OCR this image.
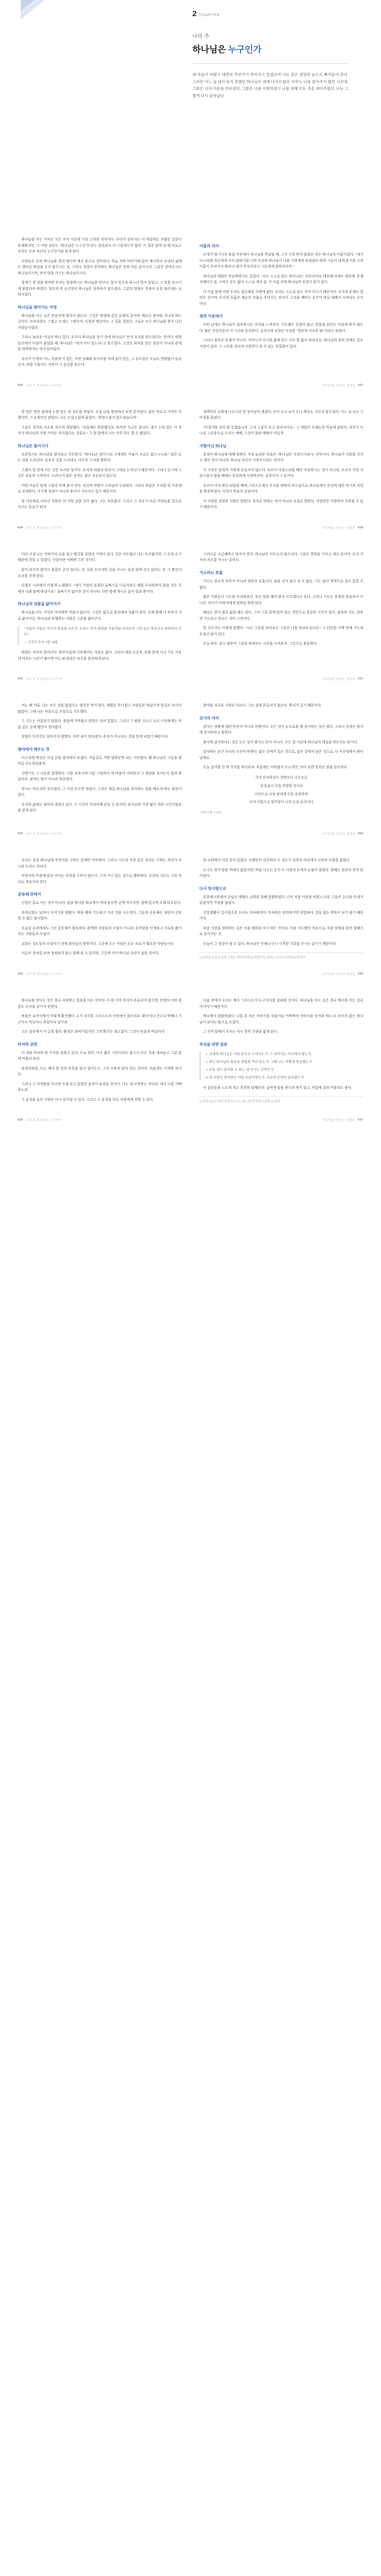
2 CHAPTER
나의 주
하나님은 누구인가
내 마음이 아팠고 내면의 무언가가 죽어가고 있었으며 나는 깊은 절망의 늪으로 빠져들어 갔다. 그러던 어느 날 내가 알지 못했던 하나님이 내게 다가오셨다. 아무도 나를 알아주지 않던 시간에, 그분은 나의 이름을 부르셨다. 그분은 나를 사랑하셨고 나를 위해 모든 것을 내어주셨다. 나는 그렇게 다시 살아났다.

하나님을 아는 지식은 모든 지식 가운데 가장 고귀한 지식이다. 우리가 살아가는 이 세상에는 수많은 질문이 존재하지만, 그 어떤 질문도 "하나님은 누구신가"라는 질문보다 더 근본적이지 않다. 이 질문 앞에 설 때 비로소 우리는 우리 자신이 누구인지를 알게 된다.

사람들은 흔히 하나님을 멀리 떨어져 계신 분으로 생각한다. 하늘 저편 어딘가에 앉아 계시면서 우리의 삶에는 별다른 관심을 두지 않으시는 분. 그러나 성경이 증언하는 하나님은 전혀 다른 분이시다. 그분은 찾아오시는 하나님이시며, 먼저 말을 거시는 하나님이시다.

창세기 첫 장을 펼치면 우리는 말씀하시는 하나님을 만난다. 빛이 있으라 하시니 빛이 있었고, 그 빛을 보시기에 좋았더라 하셨다. 창조의 첫 순간부터 하나님은 침묵하지 않으셨다. 그분의 말씀은 무에서 유를 불러내는 능력이었다.

하나님을 찾아가는 여정

하나님을 아는 길은 한순간에 열리지 않는다. 그것은 평생에 걸친 순례의 길이며, 때로는 광야를 지나야 하는 길이다. 아브라함도 그랬고 모세도 그랬으며, 다윗과 엘리야도 그 길을 걸었다. 그들은 모두 하나님을 찾아 나선 사람들이었다.

그러나 놀라운 사실이 하나 있다. 우리가 하나님을 찾기 전에 하나님이 먼저 우리를 찾으셨다는 것이다. 에덴동산에서 아담이 숨었을 때, 하나님은 "네가 어디 있느냐"고 물으셨다. 그것은 위치를 묻는 질문이 아니라 관계를 회복하자는 부르심이었다.

우리가 인생의 어느 지점에 서 있든, 어떤 실패와 부끄러움 속에 숨어 있든, 그 부르심은 오늘도 변함없이 들려온다. 귀를 기울이는 자만이 그 음성을 듣는다.

이름의 의미

모세가 떨기나무 불꽃 가운데서 하나님을 만났을 때, 그가 가장 먼저 물었던 것은 하나님의 이름이었다. "내가 이스라엘 자손에게 가서 말하기를 너희 조상의 하나님이 나를 너희에게 보내셨다 하면 그들이 내게 묻기를 그의 이름이 무엇이냐 하리니 내가 무엇이라고 그들에게 말하리이까."

하나님의 대답은 단순하면서도 깊었다. "나는 스스로 있는 자이니라." 히브리어로 에흐예 아셰르 에흐예. 존재 자체이신 분, 시작도 끝도 없이 스스로 계신 분. 이 이름 속에 하나님의 본질이 담겨 있다.

이 이름 앞에 서면 우리는 겸손해질 수밖에 없다. 우리는 스스로 있는 자가 아니기 때문이다. 우리의 존재는 빌려온 것이며, 우리의 호흡은 매순간 선물로 주어지는 것이다. 그것을 깨닫는 순간이 바로 예배가 시작되는 순간이다.

침묵 가운데서

어떤 날에는 하나님이 침묵하시는 것처럼 느껴진다. 기도해도 응답이 없고, 말씀을 읽어도 마음에 닿지 않는다. 많은 신앙인들이 이 시간을 통과한다. 십자가의 요한은 이것을 "영혼의 어두운 밤"이라고 불렀다.

그러나 침묵은 부재가 아니다. 어머니가 아기를 품에 안고 아무 말 없이 바라보듯, 하나님의 침묵 속에도 깊은 사랑이 있다. 그 시간을 견뎌낸 사람만이 알 수 있는 친밀함이 있다.

026 나의 주 하나님은 누구인가	하나님을 만나는 첫걸음 027

한 번은 병원 침대에 누워 있는 한 성도를 만났다. 수십 년을 병상에서 보낸 분이었다. 몸은 마르고 기력은 다했지만, 그 눈빛만은 맑았다. 나는 조심스럽게 물었다. "원망스럽지 않으셨습니까."

그분은 천천히 미소를 지으며 대답했다. "처음에는 원망했지요. 하지만 지금은 압니다. 내가 누워 있는 이 자리가 하나님과 가장 가까운 자리였다는 것을요." 그 말 앞에서 나는 아무 말도 할 수 없었다.

하나님은 빛이시다

요한일서는 하나님을 빛이라고 선포한다. "하나님은 빛이시라 그에게는 어둠이 조금도 없으시니라." 빛은 모든 것을 드러낸다. 감추인 것을 드러내고, 어두운 구석을 밝힌다.

그래서 빛 앞에 서는 것은 두려운 일이다. 우리의 허물과 위선이 그대로 드러나기 때문이다. 그러나 동시에 그것은 치유의 시작이다. 드러나지 않은 상처는 결코 치유되지 않는다.

어떤 이들은 평생 그림자 속에 숨어 산다. 자신의 약함이 드러날까 두려워서. 그러나 복음은 우리를 빛 가운데로 초대한다. 거기에 정죄가 아니라 용서가 기다리고 있기 때문이다.

빛 가운데로 나아간 사람은 더 이상 감출 것이 없다. 그는 자유롭다. 그리고 그 자유가 다른 사람들을 빛으로 이끄는 통로가 된다.

새벽마다 교회에 나오시던 한 권사님이 계셨다. 비가 오나 눈이 오나 하루도 거르지 않으셨다. 어느 날 나는 그 비결을 물었다.

"비결이랄 것이 뭐 있겠습니까. 그저 그분이 보고 싶어서지요." 그 대답이 오래도록 마음에 남았다. 의무가 아니라 그리움으로 드리는 예배, 그것이 참된 예배가 아닐까.

사랑이신 하나님

성경이 하나님에 대해 말하는 가장 놀라운 진술은 "하나님은 사랑이시라"는 선언이다. 하나님이 사랑을 가지고 계신 것이 아니라, 하나님 자신이 사랑이시라는 것이다.

이 사랑은 감정의 기복에 흔들리지 않는다. 우리가 사랑스러울 때만 사랑하시는 것이 아니라, 우리가 가장 사랑스럽지 않을 때에도 동일하게 사랑하신다. 십자가가 그 증거다.

우리가 아직 죄인 되었을 때에 그리스도께서 우리를 위하여 죽으심으로 하나님께서 우리에 대한 자기의 사랑을 확증하셨다. 이것이 복음의 심장이다.

이 사랑을 경험한 사람은 변한다. 억지로 변하는 것이 아니라 저절로 변한다. 사랑받은 사람만이 사랑할 수 있기 때문이다.

028 나의 주 하나님은 누구인가	하나님을 만나는 첫걸음 029

어린 시절 나는 아버지의 손을 잡고 밤길을 걸었던 기억이 있다. 길은 어두웠고 나는 무서웠지만, 그 손의 온기 때문에 견딜 수 있었다. 신앙이란 어쩌면 그런 것이다.

앞이 보이지 않아도 붙잡은 손이 있다는 것. 길을 모르지만 길을 아시는 분과 함께 걷고 있다는 것. 그 확신이 우리를 걷게 한다.

다윗은 시편에서 이렇게 노래했다. "내가 사망의 음침한 골짜기로 다닐지라도 해를 두려워하지 않을 것은 주께서 나와 함께 하심이라." 골짜기가 없어진 것이 아니다. 다만 함께 계시는 분이 있을 뿐이다.

하나님의 성품을 닮아가기

하나님을 아는 지식은 머리에만 머물지 않는다. 그것은 삶으로 흘러내려 성품이 된다. 오래 함께 산 부부가 서로 닮아가듯, 하나님과 동행하는 사람은 그분을 닮아간다.

"사람이 거울로 자기의 얼굴을 보듯이, 우리도 주의 영광을 거울처럼 바라보며 그와 같은 형상으로 변화하여 간다."

— 고린도후서 3장 18절

변화는 서서히 일어난다. 하루아침에 거룩해지는 사람은 없다. 그러나 매일 조금씩, 말씀 앞에 서고 기도 가운데 머무는 시간이 쌓이면 어느새 달라진 자신을 발견하게 된다.

그러므로 조급해하지 말아야 한다. 하나님은 서두르지 않으신다. 그분은 영원을 가지고 계신 분이며, 우리 각자의 속도를 아시는 분이다.

기도라는 호흡

기도는 종교적 의무가 아니라 영혼의 호흡이다. 숨을 쉬지 않고 살 수 없듯, 기도 없이 영적으로 살아 있을 수 없다.

많은 사람들이 기도를 어려워한다. 무슨 말을 해야 할지 모르겠다고 한다. 그러나 기도는 유창한 말솜씨가 아니다. 아이가 아버지에게 말하듯 하면 된다.

때로는 말이 필요 없을 때도 있다. 그저 그분 앞에 앉아 있는 것만으로 충분한 시간이 있다. 침묵의 기도, 현존의 기도라고 부르는 것이 그것이다.

한 수도사는 이렇게 말했다. "나는 그분을 바라보고 그분은 나를 바라보십니다." 그 단순한 고백 속에 기도의 본질이 담겨 있다.

오늘 하루, 잠시 멈추어 그분을 바라보는 시간을 가져보자. 그것으로 충분하다.

030 나의 주 하나님은 누구인가	하나님을 만나는 첫걸음 031

어느 해 겨울, 나는 모든 것을 잃었다고 생각한 적이 있다. 계획은 무너졌고 사람들은 떠났으며 앞길은 보이지 않았다. 그때 나는 처음으로 진심으로 기도했다.

그 기도는 아름답지 않았다. 울음에 가까웠고 원망도 섞여 있었다. 그러나 그 밤을 지나고 나니 이상하게도 마음 깊은 곳에 평안이 찾아왔다.

상황은 아무것도 달라지지 않았다. 다만 내가 달라졌다. 혼자가 아니라는 것을 알게 되었기 때문이다.

광야에서 배우는 것

이스라엘 백성은 사십 년을 광야에서 보냈다. 지름길로 가면 열하루면 되는 거리였다. 왜 하나님은 그들을 광야로 인도하셨을까.

신명기는 그 이유를 설명한다. 너를 낮추시며 너를 시험하사 네 마음이 어떠한지 그 명령을 지키는지 알려 하심이라. 광야는 벌이 아니라 학교였다.

만나는 하루치만 주어졌다. 그 이상 모으면 썩었다. 그것은 매일 하나님을 의지하는 법을 배우게 하는 훈련이었다.

우리의 삶에도 광야의 계절이 있다. 그 시간이 무의미해 보일 수 있지만, 돌아보면 가장 많이 자란 시간이었음을 알게 된다.

광야를 지나본 사람은 다르다. 그는 쉽게 흔들리지 않는다. 뿌리가 깊기 때문이다.

감사의 자리

감사는 상황에 대한 반응이 아니라 선택이다. 모든 것이 순조로울 때 감사하는 것은 쉽다. 그러나 성경은 범사에 감사하라고 말한다.

범사에 감사한다는 것은 모든 일이 좋다는 뜻이 아니다. 모든 일 가운데 하나님이 계심을 믿는다는 뜻이다.

감사하는 순간 우리의 시선이 바뀐다. 없는 것에서 있는 것으로, 잃은 것에서 남은 것으로, 나 자신에게서 하나님께로.

오늘 감사할 것 세 가지를 적어보자. 처음에는 어려울지 모르지만, 쓰다 보면 목록은 점점 길어진다.

주의 인자하심이 생명보다 나으므로

내 입술이 주를 찬양할 것이라

이러므로 나의 평생에 주를 송축하며

주의 이름으로 말미암아 나의 손을 들리이다

시편 63편 3–4절
032 나의 주 하나님은 누구인가	하나님을 만나는 첫걸음 033

우리는 종종 하나님께 무언가를 구하는 일에만 익숙하다. 그러나 기도의 가장 깊은 자리는 구하는 자리가 아니라 누리는 자리다.

아버지의 무릎에 앉은 아이는 무엇을 구하지 않는다. 그저 거기 있는 것으로 행복하다. 우리의 기도도 그런 자리로 자라가야 한다.

공동체 안에서

신앙은 홀로 서는 것이 아니다. 숯불 하나를 화로에서 꺼내 놓으면 금세 꺼지지만, 함께 있으면 오래 타오른다.

초대교회는 날마다 모이기를 힘썼다. 떡을 떼며 기도하고 가진 것을 나누었다. 그들의 공동체는 세상이 감당할 수 없는 빛이었다.

오늘날 우리에게도 그런 공동체가 필요하다. 완벽한 사람들의 모임이 아니라, 부족함을 인정하고 서로를 품어주는 사람들의 모임이.

교회는 성도들의 모임이기 전에 죄인들의 병원이다. 그곳에 오는 사람은 모두 치료가 필요한 사람들이다.

서로의 상처를 보며 정죄하지 않고 함께 울 수 있다면, 그곳에 이미 하나님 나라가 임한 것이다.

한 교회에서 이런 일이 있었다. 오랫동안 갈등하던 두 성도가 성찬식 자리에서 나란히 무릎을 꿇었다.

누구도 먼저 말을 꺼내지 않았지만, 떡을 나누는 순간 두 사람의 눈에서 눈물이 흘렀다. 화해는 말보다 먼저 일어났다.

다시 첫사랑으로

요한계시록에서 주님은 에베소 교회를 향해 말씀하셨다. 너의 처음 사랑을 버렸느니라. 그들은 수고와 인내가 있었지만 사랑을 잃었다.

신앙생활이 길어질수록 우리는 익숙해진다. 익숙함은 편안하지만 위험하다. 감동 없는 반복이 되기 쉽기 때문이다.

처음 사랑을 회복하는 길은 처음 행위를 다시 하는 것이다. 처음 기도했던 마음으로, 처음 말씀을 읽던 설렘으로 돌아가는 것.

오늘이 그 첫날이 될 수 있다. 하나님은 언제나 다시 시작할 기회를 주시는 분이기 때문이다.

1) 본문에 인용된 성경 구절은 개역개정판을 따랐으며, 일부는 저자의 의역임을 밝힌다.
034 나의 주 하나님은 누구인가	하나님을 만나는 첫걸음 035

하나님을 안다는 것은 결국 사랑받고 있음을 아는 것이다. 이 한 가지 진리가 흔들리지 않으면, 인생의 어떤 풍랑도 우리를 삼키지 못한다.

바울은 로마서에서 이렇게 확신했다. 누가 우리를 그리스도의 사랑에서 끊으리요. 환난이나 곤고나 박해나 기근이나 적신이나 위험이나 칼이랴.

그는 감옥에서 이 글을 썼다. 환경은 최악이었지만 그의 확신은 최고였다. 그것이 믿음의 역설이다.

마지막 권면

이 장을 마치며 한 가지를 권하고 싶다. 오늘 하루, 아주 짧은 시간이라도 좋으니 모든 것을 내려놓고 그분 앞에 머물러 보라.

휴대전화를 끄고, 해야 할 일의 목록을 잠시 접어두고, 그저 조용히 앉아 있는 것이다. 처음에는 어색할 것이다.

그러나 그 어색함을 지나면 오래 잊고 있었던 음성이 들려올 것이다. 너는 내 사랑하는 자녀라. 내가 너를 기뻐하노라.

그 음성을 들은 사람은 다시 일어설 수 있다. 그리고 그 음성을 다른 사람에게 전할 수 있다.

다음 장에서 우리는 예수 그리스도가 누구신지를 살펴볼 것이다. 하나님을 아는 길은 결국 예수를 아는 길로 이어지기 때문이다.

예수께서 말씀하셨다. 나를 본 자는 아버지를 보았거늘 어찌하여 아버지를 보이라 하느냐. 보이지 않는 하나님이 보이는 몸으로 오셨다.

그 신비 앞에서 우리는 다시 한번 무릎을 꿇게 된다.

묵상을 위한 질문

1. 나에게 하나님은 어떤 분으로 느껴지는가. 그 이미지는 어디에서 왔는가.

2. 최근 하나님의 침묵을 경험한 적이 있는가. 그때 나는 어떻게 반응했는가.

3. 오늘 내가 감사할 수 있는 세 가지는 무엇인가.

4. 내 신앙의 첫사랑은 어떤 모습이었는가. 지금과 무엇이 달라졌는가.

이 질문들을 노트에 적고 천천히 답해보라. 급하게 답을 찾으려 하지 말고, 며칠에 걸쳐 머물러도 좋다.

2) 묵상 질문은 개인 묵상 또는 소그룹 나눔에 함께 사용할 수 있다.
036 나의 주 하나님은 누구인가	하나님을 만나는 첫걸음 037
